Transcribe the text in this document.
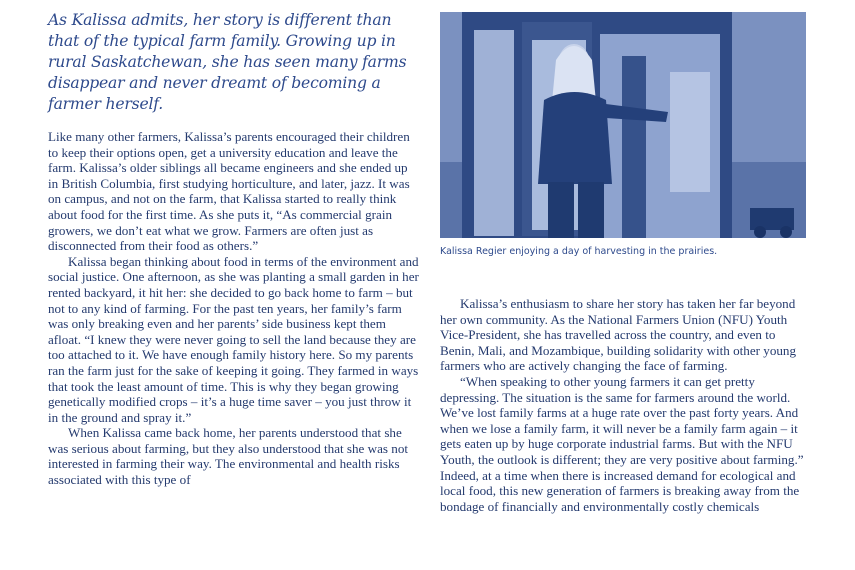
As Kalissa admits, her story is different than that of the typical farm family. Growing up in rural Saskatchewan, she has seen many farms disappear and never dreamt of becoming a farmer herself.

Like many other farmers, Kalissa’s parents encouraged their children to keep their options open, get a university education and leave the farm. Kalissa’s older siblings all became engineers and she ended up in British Columbia, first studying horticulture, and later, jazz. It was on campus, and not on the farm, that Kalissa started to really think about food for the first time. As she puts it, “As commercial grain growers, we don’t eat what we grow. Farmers are often just as disconnected from their food as others.”

Kalissa began thinking about food in terms of the environment and social justice. One afternoon, as she was planting a small garden in her rented backyard, it hit her: she decided to go back home to farm – but not to any kind of farming. For the past ten years, her family’s farm was only breaking even and her parents’ side business kept them afloat. “I knew they were never going to sell the land because they are too attached to it. We have enough family history here. So my parents ran the farm just for the sake of keeping it going. They farmed in ways that took the least amount of time. This is why they began growing genetically modified crops – it’s a huge time saver – you just throw it in the ground and spray it.”

When Kalissa came back home, her parents understood that she was serious about farming, but they also understood that she was not interested in farming their way. The environmental and health risks associated with this type of

Kalissa Regier enjoying a day of harvesting in the prairies.

Kalissa’s enthusiasm to share her story has taken her far beyond her own community. As the National Farmers Union (NFU) Youth Vice-President, she has travelled across the country, and even to Benin, Mali, and Mozambique, building solidarity with other young farmers who are actively changing the face of farming.

“When speaking to other young farmers it can get pretty depressing. The situation is the same for farmers around the world. We’ve lost family farms at a huge rate over the past forty years. And when we lose a family farm, it will never be a family farm again – it gets eaten up by huge corporate industrial farms. But with the NFU Youth, the outlook is different; they are very positive about farming.” Indeed, at a time when there is increased demand for ecological and local food, this new generation of farmers is breaking away from the bondage of financially and environmentally costly chemicals
